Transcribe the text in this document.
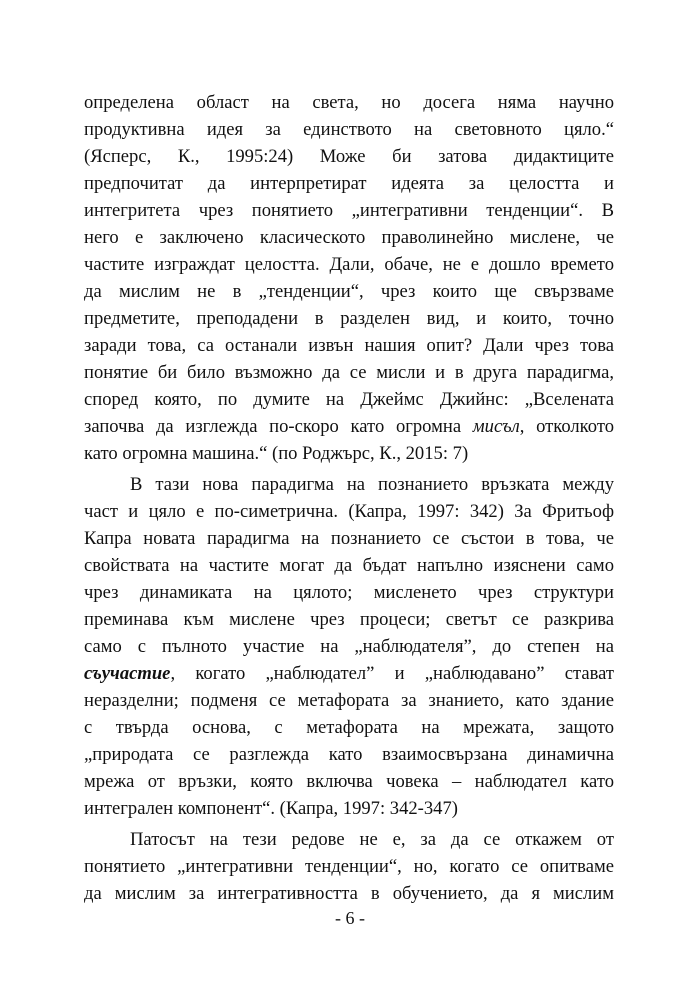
определена област на света, но досега няма научно
продуктивна идея за единството на световното цяло.“
(Ясперс, К., 1995:24) Може би затова дидактиците
предпочитат да интерпретират идеята за целостта и
интегритета чрез понятието „интегративни тенденции“. В
него е заключено класическото праволинейно мислене, че
частите изграждат целостта. Дали, обаче, не е дошло времето
да мислим не в „тенденции“, чрез които ще свързваме
предметите, преподадени в разделен вид, и които, точно
заради това, са останали извън нашия опит? Дали чрез това
понятие би било възможно да се мисли и в друга парадигма,
според която, по думите на Джеймс Джийнс: „Вселената
започва да изглежда по-скоро като огромна мисъл, отколкото
като огромна машина.“ (по Роджърс, К., 2015: 7)
В тази нова парадигма на познанието връзката между
част и цяло е по-симетрична. (Капра, 1997: 342) За Фритьоф
Капра новата парадигма на познанието се състои в това, че
свойствата на частите могат да бъдат напълно изяснени само
чрез динамиката на цялото; мисленето чрез структури
преминава към мислене чрез процеси; светът се разкрива
само с пълното участие на „наблюдателя”, до степен на
съучастие, когато „наблюдател” и „наблюдавано” стават
неразделни; подменя се метафората за знанието, като здание
с твърда основа, с метафората на мрежата, защото
„природата се разглежда като взаимосвързана динамична
мрежа от връзки, която включва човека – наблюдател като
интегрален компонент“. (Капра, 1997: 342-347)
Патосът на тези редове не е, за да се откажем от
понятието „интегративни тенденции“, но, когато се опитваме
да мислим за интегративността в обучението, да я мислим
- 6 -
